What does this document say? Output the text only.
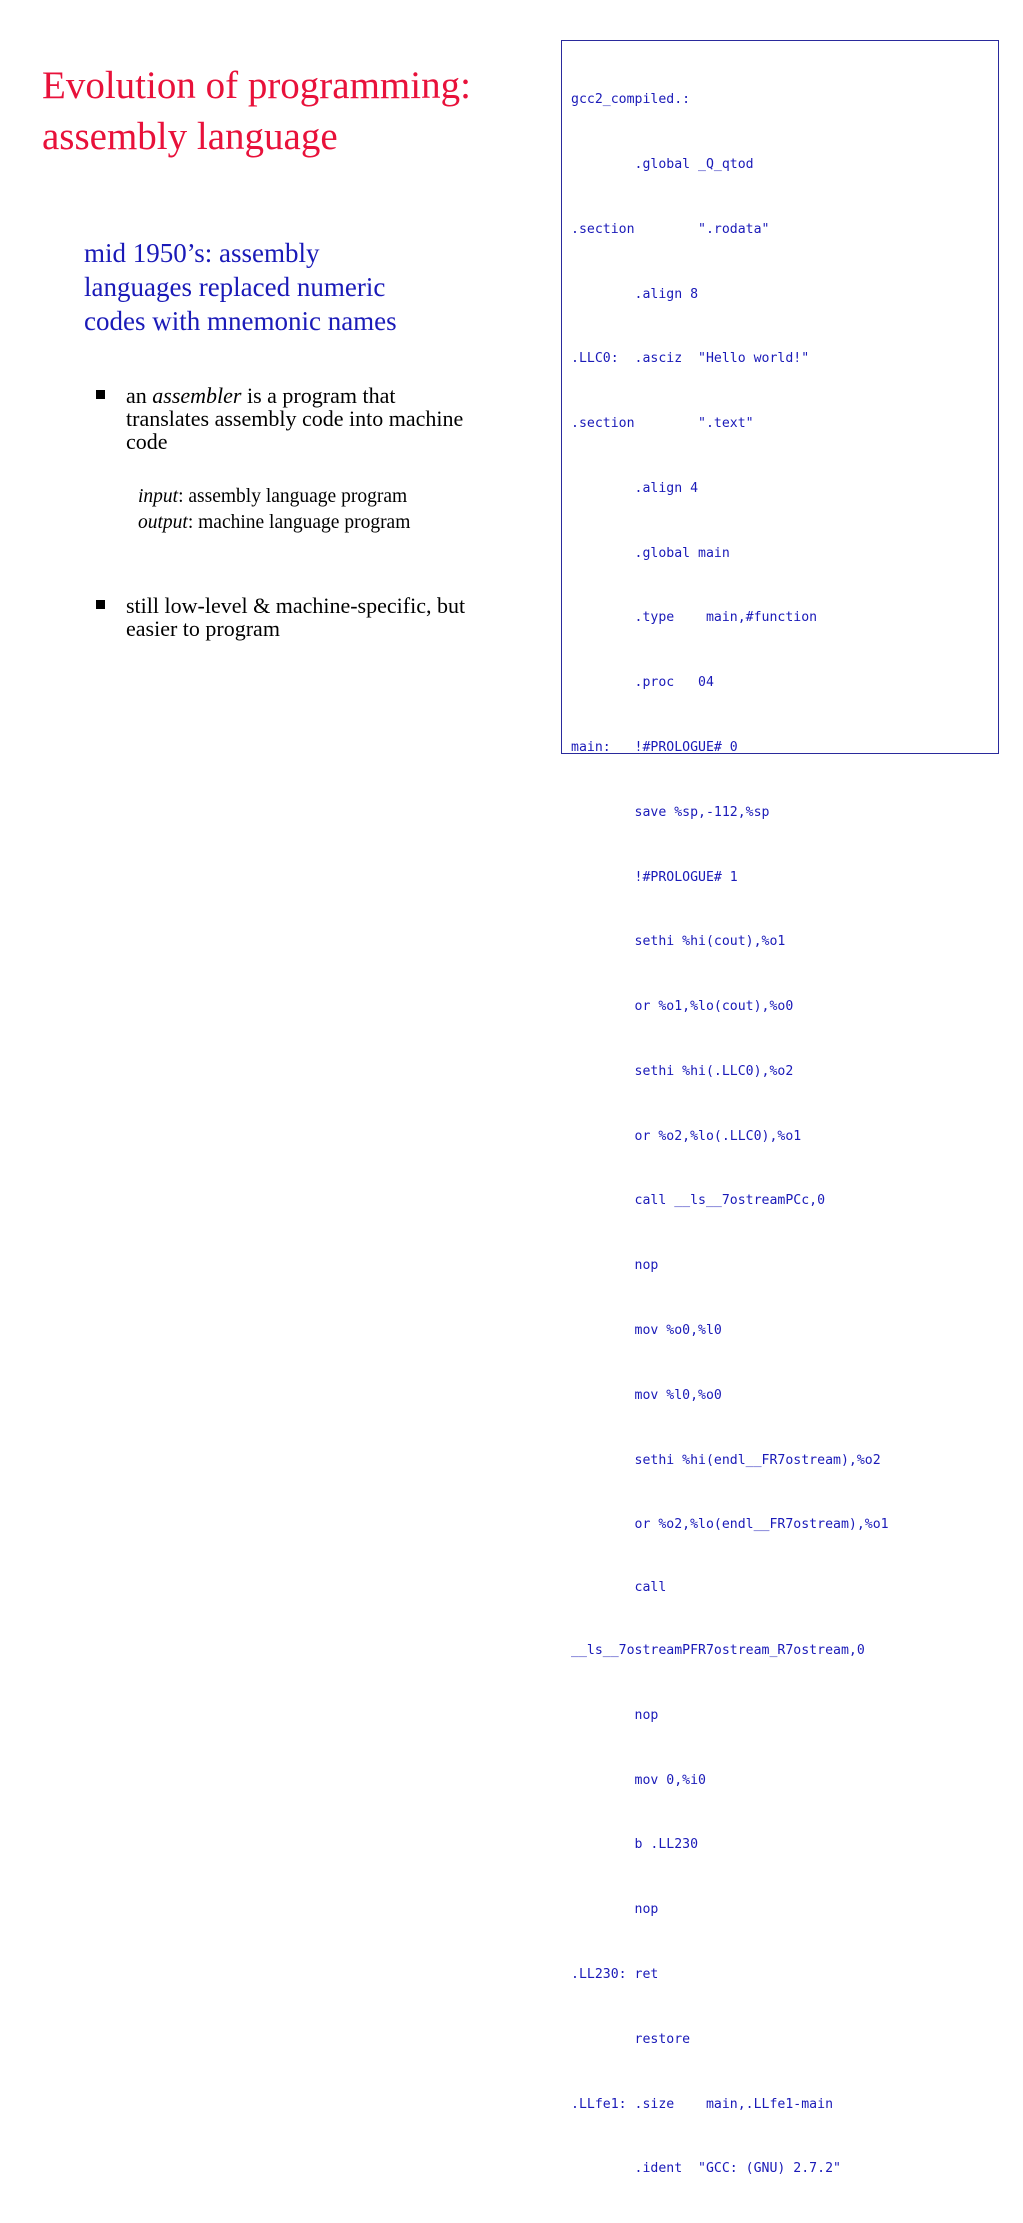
Evolution of programming:
assembly language
mid 1950’s: assembly
languages replaced numeric
codes with mnemonic names
an assembler is a program that translates assembly code into machine code
input: assembly language program
output: machine language program
still low-level & machine-specific, but easier to program

gcc2_compiled.:

.global _Q_qtod

.section        ".rodata"

.align 8

.LLC0:  .asciz  "Hello world!"

.section        ".text"

.align 4

.global main

.type    main,#function

.proc   04

main:   !#PROLOGUE# 0

save %sp,-112,%sp

!#PROLOGUE# 1

sethi %hi(cout),%o1

or %o1,%lo(cout),%o0

sethi %hi(.LLC0),%o2

or %o2,%lo(.LLC0),%o1

call __ls__7ostreamPCc,0

nop

mov %o0,%l0

mov %l0,%o0

sethi %hi(endl__FR7ostream),%o2

or %o2,%lo(endl__FR7ostream),%o1

call

__ls__7ostreamPFR7ostream_R7ostream,0

nop

mov 0,%i0

b .LL230

nop

.LL230: ret

restore

.LLfe1: .size    main,.LLfe1-main

.ident  "GCC: (GNU) 2.7.2"
